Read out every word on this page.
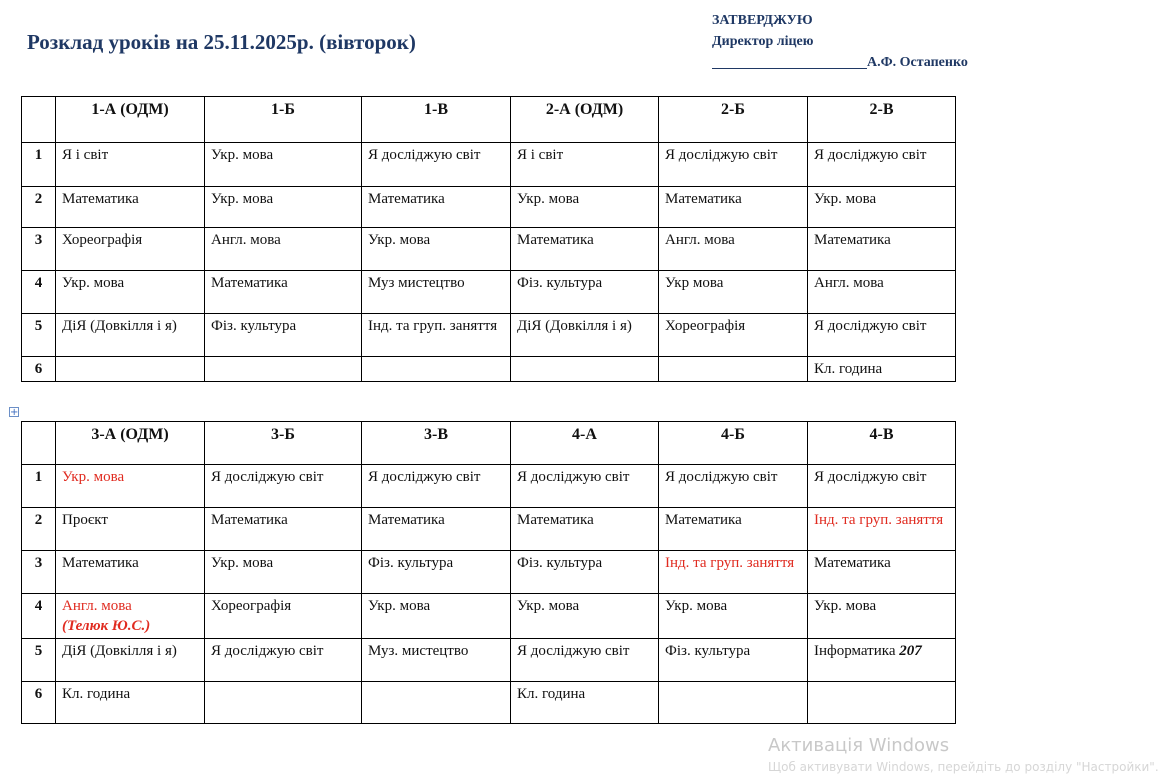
Розклад уроків на 25.11.2025р. (вівторок)
ЗАТВЕРДЖУЮ
Директор ліцею
А.Ф. Остапенко
	1-А (ОДМ)	1-Б	1-В	2-А (ОДМ)	2-Б	2-В
1	Я і світ	Укр. мова	Я досліджую світ	Я і світ	Я досліджую світ	Я досліджую світ
2	Математика	Укр. мова	Математика	Укр. мова	Математика	Укр. мова
3	Хореографія	Англ. мова	Укр. мова	Математика	Англ. мова	Математика
4	Укр. мова	Математика	Муз мистецтво	Фіз. культура	Укр мова	Англ. мова
5	ДіЯ (Довкілля і я)	Фіз. культура	Інд. та груп. заняття	ДіЯ (Довкілля і я)	Хореографія	Я досліджую світ
6						Кл. година
+
	3-А (ОДМ)	3-Б	3-В	4-А	4-Б	4-В
1	Укр. мова	Я досліджую світ	Я досліджую світ	Я досліджую світ	Я досліджую світ	Я досліджую світ
2	Проєкт	Математика	Математика	Математика	Математика	Інд. та груп. заняття
3	Математика	Укр. мова	Фіз. культура	Фіз. культура	Інд. та груп. заняття	Математика
4	Англ. мова
(Телюк Ю.С.)	Хореографія	Укр. мова	Укр. мова	Укр. мова	Укр. мова
5	ДіЯ (Довкілля і я)	Я досліджую світ	Муз. мистецтво	Я досліджую світ	Фіз. культура	Інформатика 207
6	Кл. година			Кл. година		
Активація Windows
Щоб активувати Windows, перейдіть до розділу "Настройки".
